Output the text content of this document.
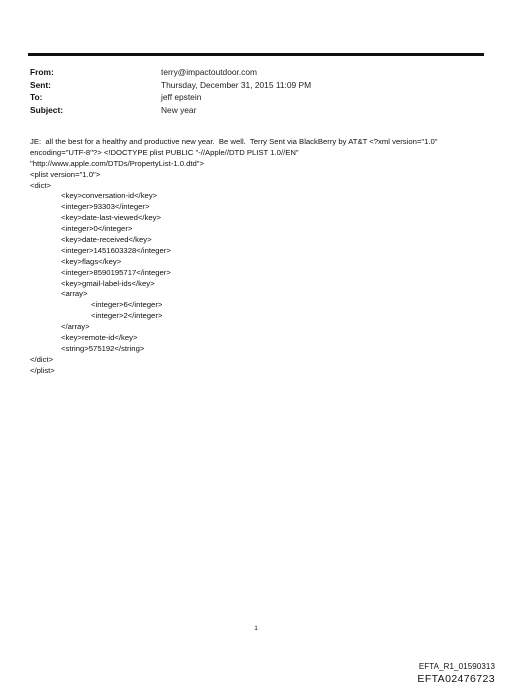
From:	terry@impactoutdoor.com
Sent:	Thursday, December 31, 2015 11:09 PM
To:	jeff epstein
Subject:	New year
JE:  all the best for a healthy and productive new year.  Be well.  Terry Sent via BlackBerry by AT&T <?xml version="1.0"
encoding="UTF-8"?> <!DOCTYPE plist PUBLIC "-//Apple//DTD PLIST 1.0//EN"
"http://www.apple.com/DTDs/PropertyList-1.0.dtd">
<plist version="1.0">
<dict>
<key>conversation-id</key>
<integer>93303</integer>
<key>date-last-viewed</key>
<integer>0</integer>
<key>date-received</key>
<integer>1451603328</integer>
<key>flags</key>
<integer>8590195717</integer>
<key>gmail-label-ids</key>
<array>
<integer>6</integer>
<integer>2</integer>
</array>
<key>remote-id</key>
<string>575192</string>
</dict>
</plist>
1
EFTA_R1_01590313
EFTA02476723
